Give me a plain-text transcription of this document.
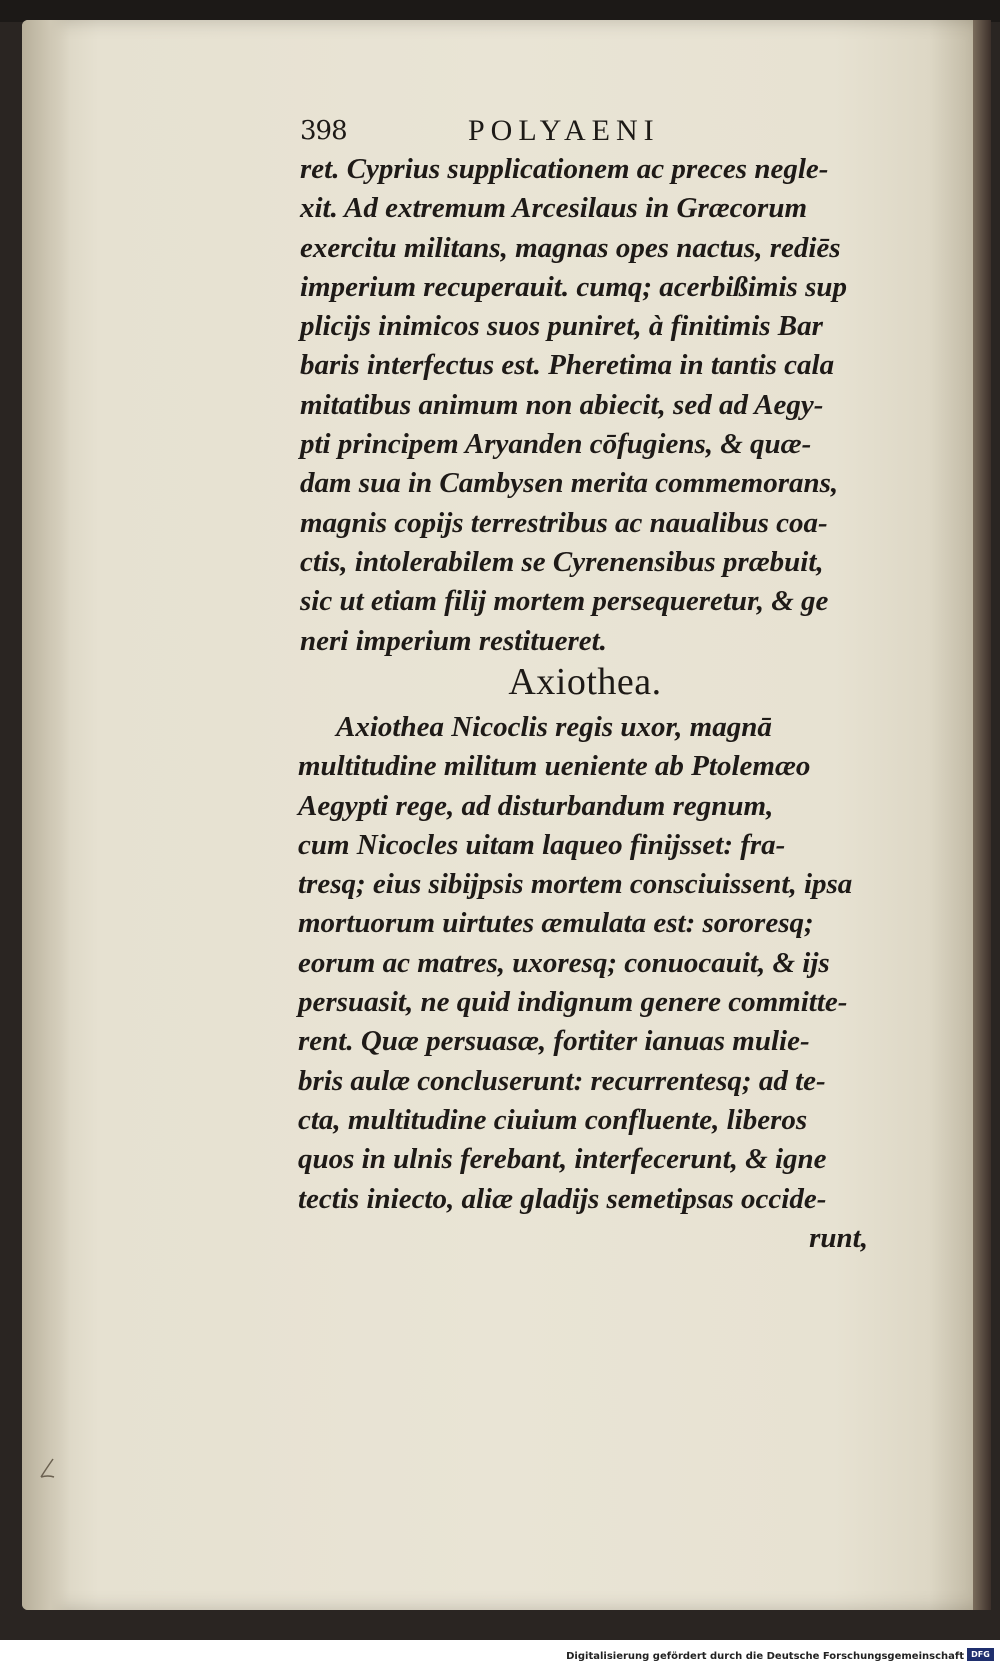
398	POLYAENI
ret. Cyprius supplicationem ac preces negle-
xit. Ad extremum Arcesilaus in Græcorum
exercitu militans, magnas opes nactus, rediēs
imperium recuperauit. cumq; acerbißimis sup
plicijs inimicos suos puniret, à finitimis Bar
baris interfectus est. Pheretima in tantis cala
mitatibus animum non abiecit, sed ad Aegy-
pti principem Aryanden cōfugiens, & quæ-
dam sua in Cambysen merita commemorans,
magnis copijs terrestribus ac naualibus coa-
ctis, intolerabilem se Cyrenensibus præbuit,
sic ut etiam filij mortem persequeretur, & ge
neri imperium restitueret.
Axiothea.
Axiothea Nicoclis regis uxor, magnā
multitudine militum ueniente ab Ptolemæo
Aegypti rege, ad disturbandum regnum,
cum Nicocles uitam laqueo finijsset: fra-
tresq; eius sibijpsis mortem consciuissent, ipsa
mortuorum uirtutes æmulata est: sororesq;
eorum ac matres, uxoresq; conuocauit, & ijs
persuasit, ne quid indignum genere committe-
rent. Quæ persuasæ, fortiter ianuas mulie-
bris aulæ concluserunt: recurrentesq; ad te-
cta, multitudine ciuium confluente, liberos
quos in ulnis ferebant, interfecerunt, & igne
tectis iniecto, aliæ gladijs semetipsas occide-
runt,
Digitalisierung gefördert durch die Deutsche Forschungsgemeinschaft DFG
